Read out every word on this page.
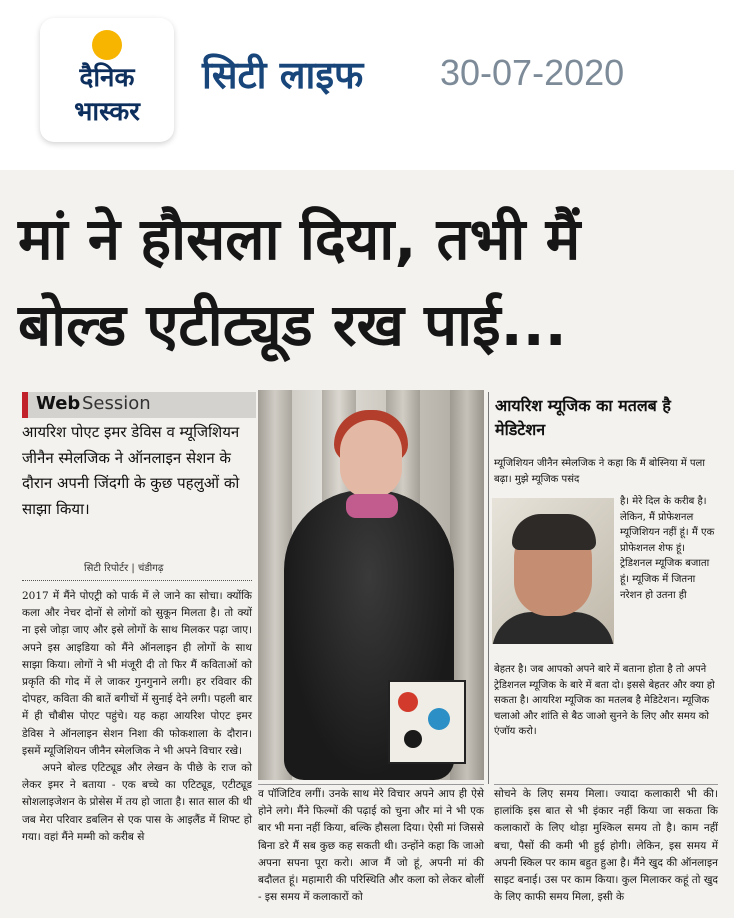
दैनिक
भास्कर
सिटी लाइफ 30-07-2020
मां ने हौसला दिया, तभी मैं
बोल्ड एटीट्यूड रख पाई...
Web Session
आयरिश पोएट इमर डेविस व म्यूजिशियन जीनैन स्मेलजिक ने ऑनलाइन सेशन के दौरान अपनी जिंदगी के कुछ पहलुओं को साझा किया।
सिटी रिपोर्टर | चंडीगढ़

2017 में मैंने पोएट्री को पार्क में ले जाने का सोचा। क्योंकि कला और नेचर दोनों से लोगों को सुकून मिलता है। तो क्यों ना इसे जोड़ा जाए और इसे लोगों के साथ मिलकर पढ़ा जाए। अपने इस आइडिया को मैंने ऑनलाइन ही लोगों के साथ साझा किया। लोगों ने भी मंजूरी दी तो फिर मैं कविताओं को प्रकृति की गोद में ले जाकर गुनगुनाने लगी। हर रविवार की दोपहर, कविता की बातें बगीचों में सुनाई देने लगी। पहली बार में ही चौबीस पोएट पहुंचे। यह कहा आयरिश पोएट इमर डेविस ने ऑनलाइन सेशन निशा की फोकशाला के दौरान। इसमें म्यूजिशियन जीनैन स्मेलजिक ने भी अपने विचार रखे।

अपने बोल्ड एटिट्यूड और लेखन के पीछे के राज को लेकर इमर ने बताया - एक बच्चे का एटिट्यूड, एटीट्यूड सोशलाइजेशन के प्रोसेस में तय हो जाता है। सात साल की थी जब मेरा परिवार डबलिन से एक पास के आइलैंड में शिफ्ट हो गया। वहां मैंने मम्मी को करीब से

आयरिश म्यूजिक का मतलब है मेडिटेशन
म्यूजिशियन जीनैन स्मेलजिक ने कहा कि मैं बोस्निया में पला बढ़ा। मुझे म्यूजिक पसंद
है। मेरे दिल के करीब है। लेकिन, मैं प्रोफेशनल म्यूजिशियन नहीं हूं। मैं एक प्रोफेशनल शेफ हूं। ट्रेडिशनल म्यूजिक बजाता हूं। म्यूजिक में जितना नरेशन हो उतना ही
बेहतर है। जब आपको अपने बारे में बताना होता है तो अपने ट्रेडिशनल म्यूजिक के बारे में बता दो। इससे बेहतर और क्या हो सकता है। आयरिश म्यूजिक का मतलब है मेडिटेशन। म्यूजिक चलाओ और शांति से बैठ जाओ सुनने के लिए और समय को एंजॉय करो।
व पॉजिटिव लगीं। उनके साथ मेरे विचार अपने आप ही ऐसे होने लगे। मैंने फिल्मों की पढ़ाई को चुना और मां ने भी एक बार भी मना नहीं किया, बल्कि हौसला दिया। ऐसी मां जिससे बिना डरे मैं सब कुछ कह सकती थी। उन्होंने कहा कि जाओ अपना सपना पूरा करो। आज मैं जो हूं, अपनी मां की बदौलत हूं। महामारी की परिस्थिति और कला को लेकर बोलीं - इस समय में कलाकारों को
सोचने के लिए समय मिला। ज्यादा कलाकारी भी की। हालांकि इस बात से भी इंकार नहीं किया जा सकता कि कलाकारों के लिए थोड़ा मुश्किल समय तो है। काम नहीं बचा, पैसों की कमी भी हुई होगी। लेकिन, इस समय में अपनी स्किल पर काम बहुत हुआ है। मैंने खुद की ऑनलाइन साइट बनाई। उस पर काम किया। कुल मिलाकर कहूं तो खुद के लिए काफी समय मिला, इसी के
